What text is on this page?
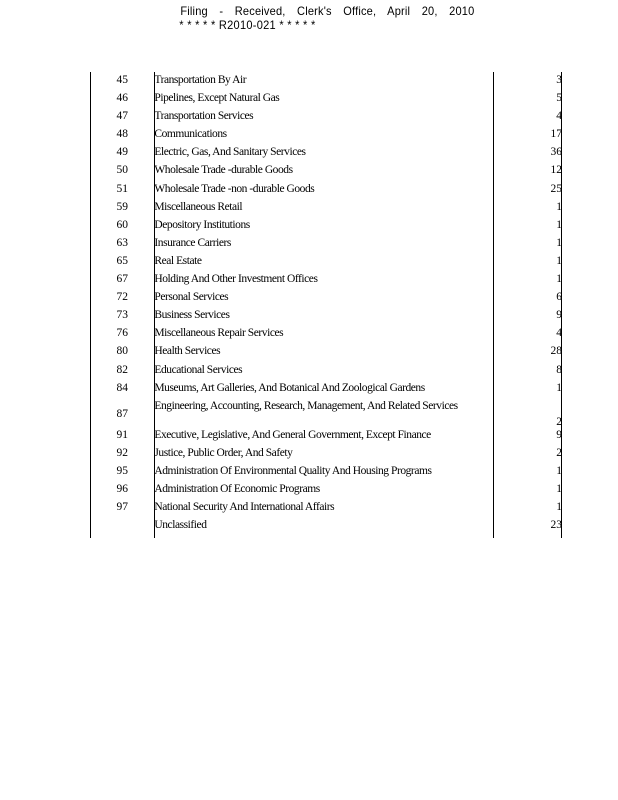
Filing - Received, Clerk's Office, April 20, 2010
* * * * * R2010-021 * * * * *
45	Transportation By Air	3
46	Pipelines, Except Natural Gas	5
47	Transportation Services	4
48	Communications	17
49	Electric, Gas, And Sanitary Services	36
50	Wholesale Trade -durable Goods	12
51	Wholesale Trade -non -durable Goods	25
59	Miscellaneous Retail	1
60	Depository Institutions	1
63	Insurance Carriers	1
65	Real Estate	1
67	Holding And Other Investment Offices	1
72	Personal Services	6
73	Business Services	9
76	Miscellaneous Repair Services	4
80	Health Services	28
82	Educational Services	8
84	Museums, Art Galleries, And Botanical And Zoological Gardens	1
87	Engineering, Accounting, Research, Management, And Related Services	2
91	Executive, Legislative, And General Government, Except Finance	9
92	Justice, Public Order, And Safety	2
95	Administration Of Environmental Quality And Housing Programs	1
96	Administration Of Economic Programs	1
97	National Security And International Affairs	1
	Unclassified	23
